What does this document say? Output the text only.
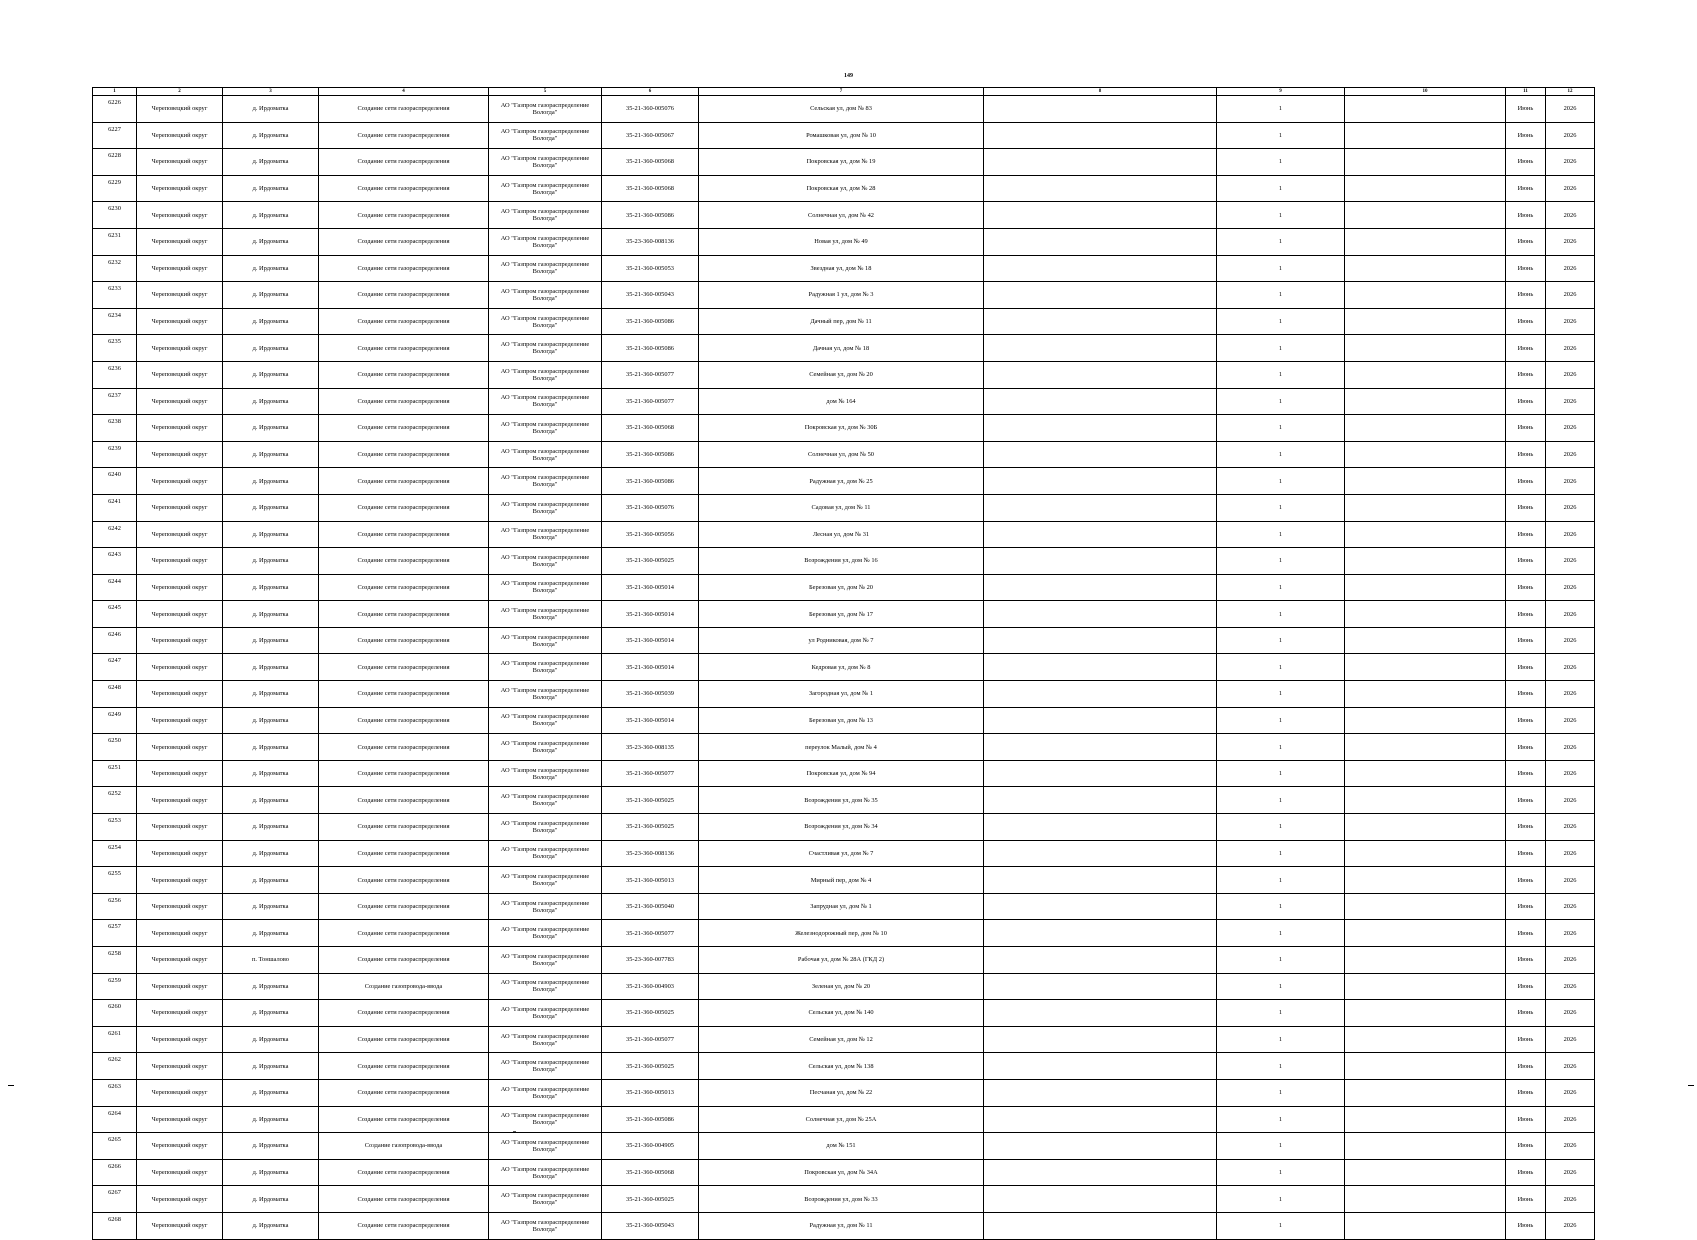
149
1	2	3	4	5	6	7	8	9	10	11	12
6226	Череповецкий округ	д. Ирдоматка	Создание сети газораспределения	АО "Газпром газораспределение Вологда"	35-21-360-005076	Сельская ул, дом № 83		1		Июнь	2026
6227	Череповецкий округ	д. Ирдоматка	Создание сети газораспределения	АО "Газпром газораспределение Вологда"	35-21-360-005067	Ромашковая ул, дом № 10		1		Июнь	2026
6228	Череповецкий округ	д. Ирдоматка	Создание сети газораспределения	АО "Газпром газораспределение Вологда"	35-21-360-005068	Покровская ул, дом № 19		1		Июнь	2026
6229	Череповецкий округ	д. Ирдоматка	Создание сети газораспределения	АО "Газпром газораспределение Вологда"	35-21-360-005068	Покровская ул, дом № 28		1		Июнь	2026
6230	Череповецкий округ	д. Ирдоматка	Создание сети газораспределения	АО "Газпром газораспределение Вологда"	35-21-360-005086	Солнечная ул, дом № 42		1		Июнь	2026
6231	Череповецкий округ	д. Ирдоматка	Создание сети газораспределения	АО "Газпром газораспределение Вологда"	35-23-360-008136	Новая ул, дом № 49		1		Июнь	2026
6232	Череповецкий округ	д. Ирдоматка	Создание сети газораспределения	АО "Газпром газораспределение Вологда"	35-21-360-005053	Звездная ул, дом № 18		1		Июнь	2026
6233	Череповецкий округ	д. Ирдоматка	Создание сети газораспределения	АО "Газпром газораспределение Вологда"	35-21-360-005043	Радужная 1 ул, дом № 3		1		Июнь	2026
6234	Череповецкий округ	д. Ирдоматка	Создание сети газораспределения	АО "Газпром газораспределение Вологда"	35-21-360-005086	Дачный пер, дом № 11		1		Июнь	2026
6235	Череповецкий округ	д. Ирдоматка	Создание сети газораспределения	АО "Газпром газораспределение Вологда"	35-21-360-005086	Дачная ул, дом № 18		1		Июнь	2026
6236	Череповецкий округ	д. Ирдоматка	Создание сети газораспределения	АО "Газпром газораспределение Вологда"	35-21-360-005077	Семейная ул, дом № 20		1		Июнь	2026
6237	Череповецкий округ	д. Ирдоматка	Создание сети газораспределения	АО "Газпром газораспределение Вологда"	35-21-360-005077	дом № 164		1		Июнь	2026
6238	Череповецкий округ	д. Ирдоматка	Создание сети газораспределения	АО "Газпром газораспределение Вологда"	35-21-360-005068	Покровская ул, дом № 30Б		1		Июнь	2026
6239	Череповецкий округ	д. Ирдоматка	Создание сети газораспределения	АО "Газпром газораспределение Вологда"	35-21-360-005086	Солнечная ул, дом № 50		1		Июнь	2026
6240	Череповецкий округ	д. Ирдоматка	Создание сети газораспределения	АО "Газпром газораспределение Вологда"	35-21-360-005086	Радужная ул, дом № 25		1		Июнь	2026
6241	Череповецкий округ	д. Ирдоматка	Создание сети газораспределения	АО "Газпром газораспределение Вологда"	35-21-360-005076	Садовая ул, дом № 11		1		Июнь	2026
6242	Череповецкий округ	д. Ирдоматка	Создание сети газораспределения	АО "Газпром газораспределение Вологда"	35-21-360-005056	Лесная ул, дом № 31		1		Июнь	2026
6243	Череповецкий округ	д. Ирдоматка	Создание сети газораспределения	АО "Газпром газораспределение Вологда"	35-21-360-005025	Возрождения ул, дом № 16		1		Июнь	2026
6244	Череповецкий округ	д. Ирдоматка	Создание сети газораспределения	АО "Газпром газораспределение Вологда"	35-21-360-005014	Березовая ул, дом № 20		1		Июнь	2026
6245	Череповецкий округ	д. Ирдоматка	Создание сети газораспределения	АО "Газпром газораспределение Вологда"	35-21-360-005014	Березовая ул, дом № 17		1		Июнь	2026
6246	Череповецкий округ	д. Ирдоматка	Создание сети газораспределения	АО "Газпром газораспределение Вологда"	35-21-360-005014	ул Родниковая, дом № 7		1		Июнь	2026
6247	Череповецкий округ	д. Ирдоматка	Создание сети газораспределения	АО "Газпром газораспределение Вологда"	35-21-360-005014	Кедровая ул, дом № 8		1		Июнь	2026
6248	Череповецкий округ	д. Ирдоматка	Создание сети газораспределения	АО "Газпром газораспределение Вологда"	35-21-360-005039	Загородная ул, дом № 1		1		Июнь	2026
6249	Череповецкий округ	д. Ирдоматка	Создание сети газораспределения	АО "Газпром газораспределение Вологда"	35-21-360-005014	Березовая ул, дом № 13		1		Июнь	2026
6250	Череповецкий округ	д. Ирдоматка	Создание сети газораспределения	АО "Газпром газораспределение Вологда"	35-23-360-008135	переулок Малый, дом № 4		1		Июнь	2026
6251	Череповецкий округ	д. Ирдоматка	Создание сети газораспределения	АО "Газпром газораспределение Вологда"	35-21-360-005077	Покровская ул, дом № 94		1		Июнь	2026
6252	Череповецкий округ	д. Ирдоматка	Создание сети газораспределения	АО "Газпром газораспределение Вологда"	35-21-360-005025	Возрождения ул, дом № 35		1		Июнь	2026
6253	Череповецкий округ	д. Ирдоматка	Создание сети газораспределения	АО "Газпром газораспределение Вологда"	35-21-360-005025	Возрождения ул, дом № 34		1		Июнь	2026
6254	Череповецкий округ	д. Ирдоматка	Создание сети газораспределения	АО "Газпром газораспределение Вологда"	35-23-360-008136	Счастливая ул, дом № 7		1		Июнь	2026
6255	Череповецкий округ	д. Ирдоматка	Создание сети газораспределения	АО "Газпром газораспределение Вологда"	35-21-360-005013	Мирный пер, дом № 4		1		Июнь	2026
6256	Череповецкий округ	д. Ирдоматка	Создание сети газораспределения	АО "Газпром газораспределение Вологда"	35-21-360-005040	Запрудная ул, дом № 1		1		Июнь	2026
6257	Череповецкий округ	д. Ирдоматка	Создание сети газораспределения	АО "Газпром газораспределение Вологда"	35-21-360-005077	Железнодорожный пер, дом № 10		1		Июнь	2026
6258	Череповецкий округ	п. Тоншалово	Создание сети газораспределения	АО "Газпром газораспределение Вологда"	35-23-360-007783	Рабочая ул, дом № 28А (ГКД 2)		1		Июнь	2026
6259	Череповецкий округ	д. Ирдоматка	Создание газопровода-ввода	АО "Газпром газораспределение Вологда"	35-21-360-004903	Зеленая ул, дом № 20		1		Июнь	2026
6260	Череповецкий округ	д. Ирдоматка	Создание сети газораспределения	АО "Газпром газораспределение Вологда"	35-21-360-005025	Сельская ул, дом № 140		1		Июнь	2026
6261	Череповецкий округ	д. Ирдоматка	Создание сети газораспределения	АО "Газпром газораспределение Вологда"	35-21-360-005077	Семейная ул, дом № 12		1		Июнь	2026
6262	Череповецкий округ	д. Ирдоматка	Создание сети газораспределения	АО "Газпром газораспределение Вологда"	35-21-360-005025	Сельская ул, дом № 138		1		Июнь	2026
6263	Череповецкий округ	д. Ирдоматка	Создание сети газораспределения	АО "Газпром газораспределение Вологда"	35-21-360-005013	Песчаная ул, дом № 22		1		Июнь	2026
6264	Череповецкий округ	д. Ирдоматка	Создание сети газораспределения	АО "Газпром газораспределение Вологда"	35-21-360-005086	Солнечная ул, дом № 25А		1		Июнь	2026
6265	Череповецкий округ	д. Ирдоматка	Создание газопровода-ввода	АО "Газпром газораспределение Вологда"	35-21-360-004905	дом № 151		1		Июнь	2026
6266	Череповецкий округ	д. Ирдоматка	Создание сети газораспределения	АО "Газпром газораспределение Вологда"	35-21-360-005068	Покровская ул, дом № 34А		1		Июнь	2026
6267	Череповецкий округ	д. Ирдоматка	Создание сети газораспределения	АО "Газпром газораспределение Вологда"	35-21-360-005025	Возрождения ул, дом № 33		1		Июнь	2026
6268	Череповецкий округ	д. Ирдоматка	Создание сети газораспределения	АО "Газпром газораспределение Вологда"	35-21-360-005043	Радужная ул, дом № 11		1		Июнь	2026
